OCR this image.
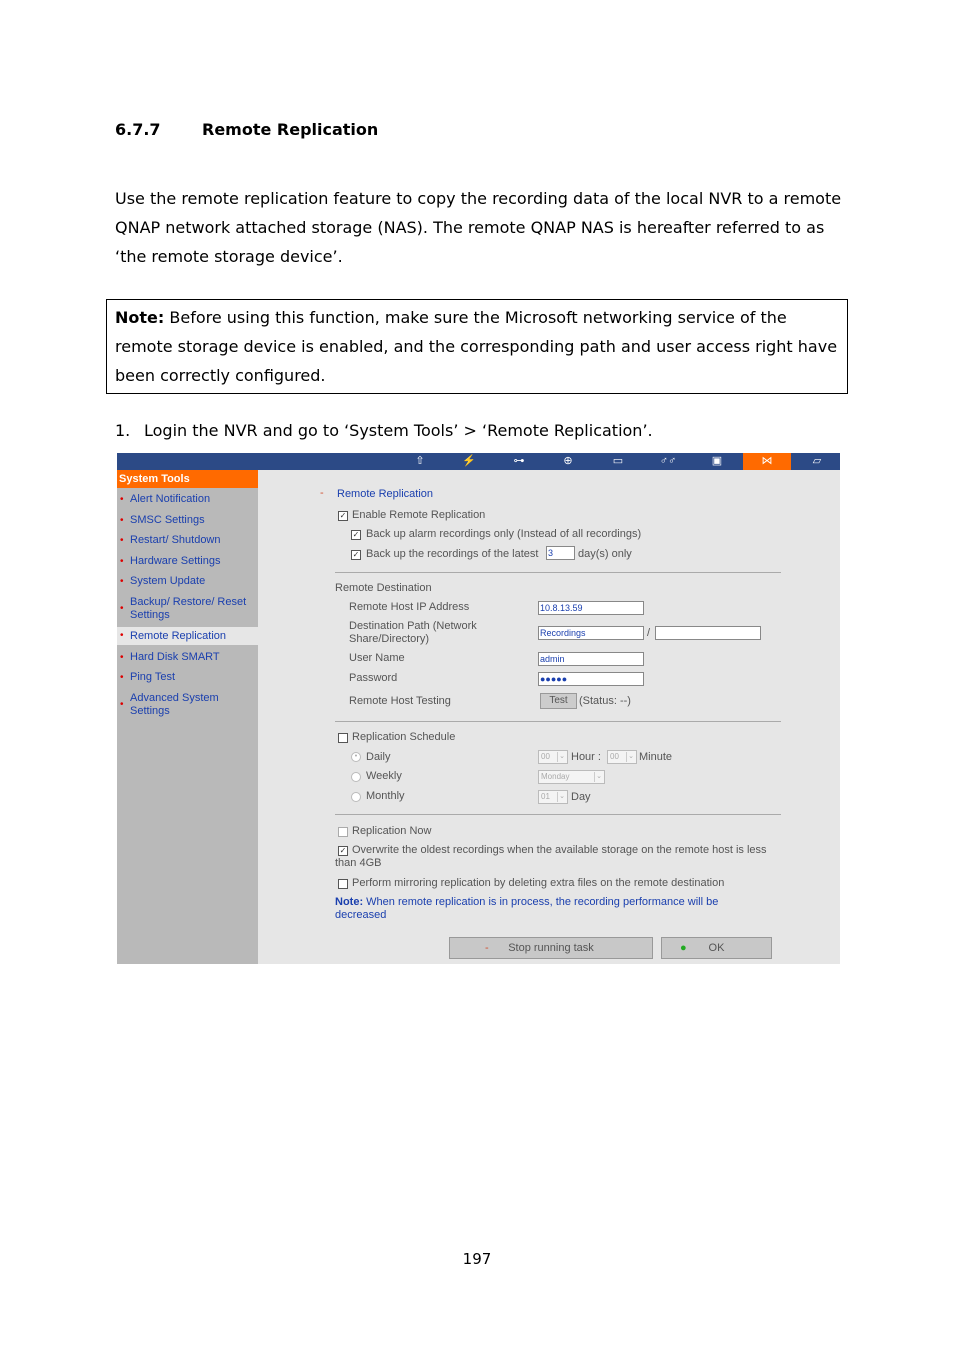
6.7.7	Remote Replication
Use the remote replication feature to copy the recording data of the local NVR to a remote QNAP network attached storage (NAS). The remote QNAP NAS is hereafter referred to as ‘the remote storage device’.
Note: Before using this function, make sure the Microsoft networking service of the remote storage device is enabled, and the corresponding path and user access right have been correctly configured.
1. Login the NVR and go to ‘System Tools’ > ‘Remote Replication’.
⇧	⚡	⊶	⊕	▭	♂♂	▣	⋈	▱
System Tools
• Alert Notification
• SMSC Settings
• Restart/ Shutdown
• Hardware Settings
• System Update
•
Backup/ Restore/ Reset Settings
• Remote Replication
• Hard Disk SMART
• Ping Test
•
Advanced System Settings
- Remote Replication
✓ Enable Remote Replication
✓ Back up alarm recordings only (Instead of all recordings)
✓ Back up the recordings of the latest 3	day(s) only
Remote Destination
Remote Host IP Address	10.8.13.59
Destination Path (Network Share/Directory)	Recordings	/
User Name	admin
Password	●●●●●
Remote Host Testing	Test	(Status: --)
Replication Schedule
• Daily	00 ⌄ Hour :	00 ⌄ Minute
Weekly	Monday	⌄
Monthly	01 ⌄ Day
Replication Now
✓ Overwrite the oldest recordings when the available storage on the remote host is less than 4GB
Perform mirroring replication by deleting extra files on the remote destination
Note: When remote replication is in process, the recording performance will be decreased
- Stop running task	● OK
197
